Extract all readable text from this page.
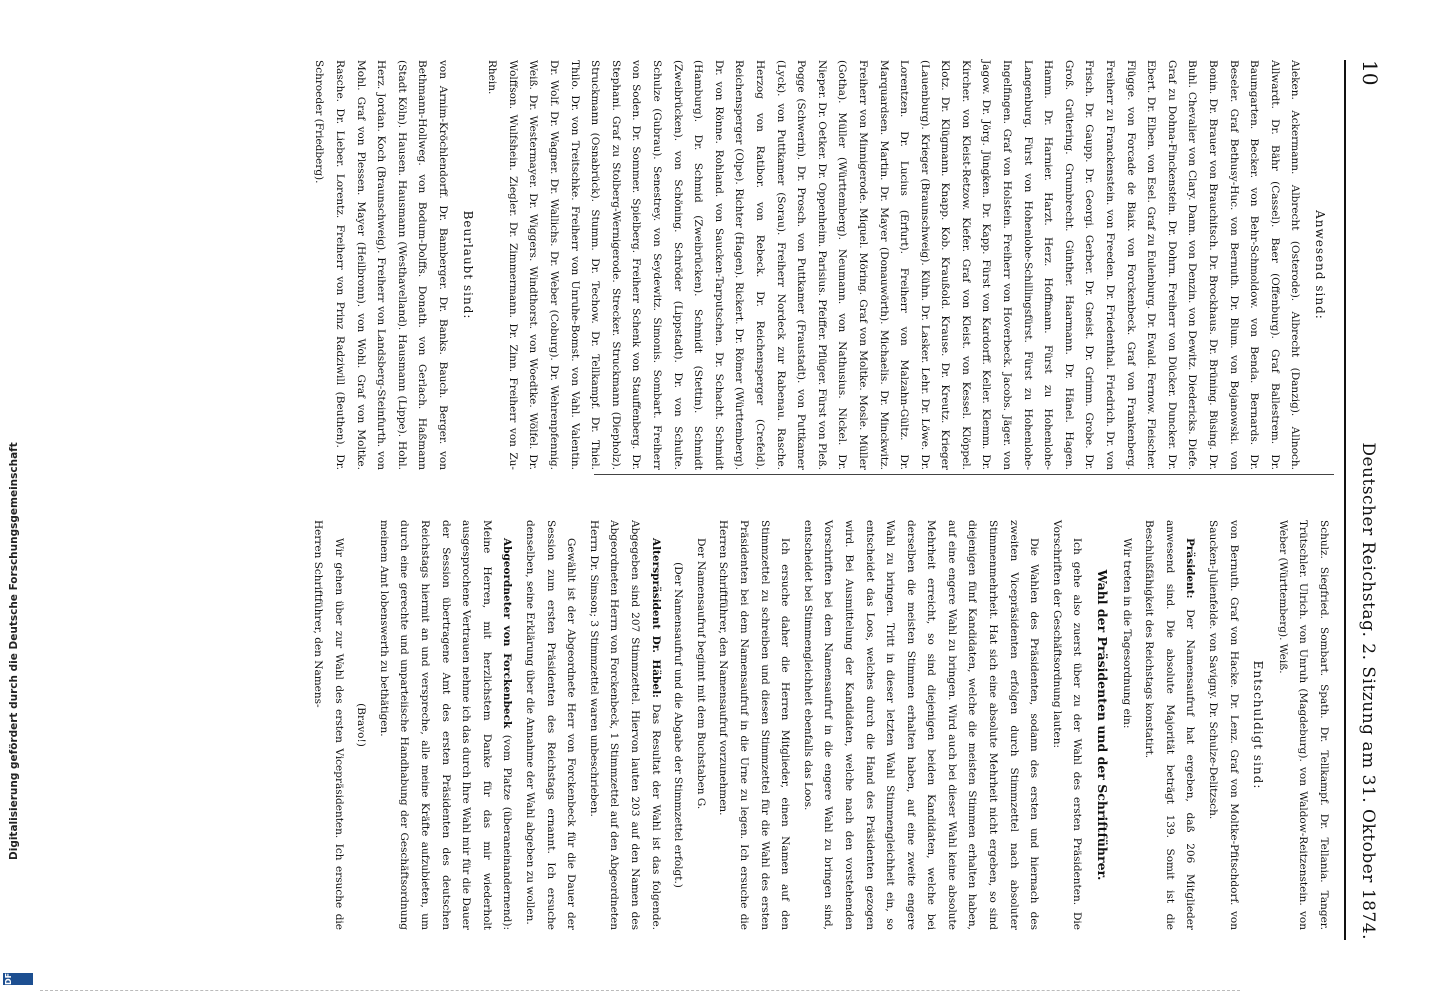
10
Deutscher Reichstag. 2. Sitzung am 31. Oktober 1874.

Anwesend sind:

Aleken. Ackermann. Albrecht (Osterode). Albrecht (Danzig). Allnoch. Allwardt. Dr. Bähr (Cassel). Baer (Offenburg). Graf Ballestrem. Dr. Baumgarten. Becker. von Behr-Schmoldow. von Benda. Bernards. Dr. Beseler. Graf Bethusy-Huc. von Bernuth. Dr. Blum. von Bojanowski. von Bonin. Dr. Brauer von Brauchitsch. Dr. Brockhaus. Dr. Brüning. Büsing. Dr. Buhl. Chevalier von Clary. Dann. von Denzin. von Dewitz. Diedericks. Diefe. Graf zu Dohna-Finckenstein. Dr. Dohrn. Freiherr von Dücker. Duncker. Dr. Ebert. Dr. Elben. von Esel. Graf zu Eulenburg. Dr. Ewald. Fernow. Fleischer. Flügge. von Forcade de Biaix. von Forckenbeck. Graf von Frankenberg. Freiherr zu Franckenstein. von Freeden. Dr. Friedenthal. Friedrich. Dr. von Frisch. Dr. Gaupp. Dr. Georgi. Gerber. Dr. Gneist. Dr. Grimm. Grobe. Dr. Groß. Grütering. Grumbrecht. Günther. Haarmann. Dr. Hänel. Hagen. Hamm. Dr. Harnier. Harzt. Herz. Hoffmann. Fürst zu Hohenlohe-Langenburg. Fürst von Hohenlohe-Schillingsfürst. Fürst zu Hohenlohe-Ingelfingen. Graf von Holstein. Freiherr von Hoverbeck. Jacobs. Jäger. von Jagow. Dr. Jörg. Jüngken. Dr. Kapp. Fürst von Kardorff. Keller. Klemm. Dr. Kircher. von Kleist-Retzow. Kiefer. Graf von Kleist. von Kessel. Klöppel. Klotz. Dr. Klügmann. Knapp. Kob. Kraußold. Krause. Dr. Kreutz. Krieger (Lauenburg). Krieger (Braunschweig). Kühn. Dr. Lasker. Lehr. Dr. Löwe. Dr. Lorentzen. Dr. Lucius (Erfurt). Freiherr von Malzahn-Gültz. Dr. Marquardsen. Martin. Dr. Mayer (Donauwörth). Michaelis. Dr. Minckwitz. Freiherr von Minnigerode. Miquel. Möring. Graf von Moltke. Mosle. Müller (Gotha). Müller (Württemberg). Neumann. von Nathusius. Nickel. Dr. Nieper. Dr. Oetker. Dr. Oppenheim. Parisius. Pfeiffer. Pflüger. Fürst von Pleß. Pogge (Schwerin). Dr. Prosch. von Puttkamer (Fraustadt). von Puttkamer (Lyck). von Puttkamer (Sorau). Freiherr Nordeck zur Rabenau. Rasche. Herzog von Ratibor. von Rebeck. Dr. Reichensperger (Crefeld). Reichensperger (Olpe). Richter (Hagen). Rickert. Dr. Römer (Württemberg). Dr. von Rönne. Rohland. von Saucken-Tarputschen. Dr. Schacht. Schmidt (Hamburg). Dr. Schmid (Zweibrücken). Schmidt (Stettin). Schmidt (Zweibrücken). von Schöning. Schröder (Lippstadt). Dr. von Schulte. Schulze (Gubrau). Senestrey. von Seydewitz. Simonis. Sombart. Freiherr von Soden. Dr. Sommer. Spielberg. Freiherr Schenk von Stauffenberg. Dr. Stephani. Graf zu Stolberg-Wernigerode. Strecker. Struckmann (Diepholz). Struckmann (Osnabrück). Stumm. Dr. Techow. Dr. Tellkampf. Dr. Thiel. Thilo. Dr. von Treitschke. Freiherr von Unruhe-Bomst. von Vahl. Valentin. Dr. Wolf. Dr. Wagner. Dr. Wallichs. Dr. Weber (Coburg). Dr. Wehrenpfennig. Weiß. Dr. Westermayer. Dr. Wiggers. Windthorst. von Woedtke. Wölfel. Dr. Wolffson. Wulfshein. Ziegler. Dr. Zimmermann. Dr. Zinn. Freiherr von Zu-Rhein.

Beurlaubt sind:

von Arnim-Kröchlendorff. Dr. Bamberger. Dr. Banks. Bauch. Berger. von Bethmann-Hollweg. von Bodum-Dolffs. Donath. von Gerlach. Haßmann (Stadt Köln). Hausen. Hausmann (Westhavelland). Hausmann (Lippe). Hohl. Herz. Jordan. Koch (Braunschweig). Freiherr von Landsberg-Steinfurth. von Mohl. Graf von Plessen. Mayer (Heilbronn). von Wohl. Graf von Moltke. Rasche. Dr. Lieber. Lorentz. Freiherr von Prinz Radziwill (Beuthen). Dr. Schroeder (Friedberg).

Schulz. Siegfried. Sombart. Spath. Dr. Tellkampf. Dr. Tellania. Tanger. Trütschler. Ulrich. von Unruh (Magdeburg). von Waldow-Reitzenstein. von Weber (Württemberg). Weiß.

Entschuldigt sind:

von Bernuth. Graf von Hacke. Dr. Lenz. Graf von Moltke-Pfitschdorf. von Saucken-Julienfelde. von Savigny. Dr. Schulze-Delitzsch.

Präsident: Der Namensaufruf hat ergeben, daß 206 Mitglieder anwesend sind. Die absolute Majorität beträgt 139. Somit ist die Beschlußfähigkeit des Reichstags konstatirt.

Wir treten in die Tagesordnung ein:

Wahl der Präsidenten und der Schriftführer.

Ich gehe also zuerst über zu der Wahl des ersten Präsidenten. Die Vorschriften der Geschäftsordnung lauten:

Die Wahlen des Präsidenten, sodann des ersten und hiernach des zweiten Vicepräsidenten erfolgen durch Stimmzettel nach absoluter Stimmenmehrheit. Hat sich eine absolute Mehrheit nicht ergeben, so sind diejenigen fünf Kandidaten, welche die meisten Stimmen erhalten haben, auf eine engere Wahl zu bringen. Wird auch bei dieser Wahl keine absolute Mehrheit erreicht, so sind diejenigen beiden Kandidaten, welche bei derselben die meisten Stimmen erhalten haben, auf eine zweite engere Wahl zu bringen. Tritt in dieser letzten Wahl Stimmengleichheit ein, so entscheidet das Loos, welches durch die Hand des Präsidenten gezogen wird. Bei Ausmittelung der Kandidaten, welche nach den vorstehenden Vorschriften bei dem Namensaufruf in die engere Wahl zu bringen sind, entscheidet bei Stimmengleichheit ebenfalls das Loos.

Ich ersuche daher die Herren Mitglieder, einen Namen auf den Stimmzettel zu schreiben und diesen Stimmzettel für die Wahl des ersten Präsidenten bei dem Namensaufruf in die Urne zu legen. Ich ersuche die Herren Schriftführer, den Namensaufruf vorzunehmen.

Der Namensaufruf beginnt mit dem Buchstaben G.

(Der Namensaufruf und die Abgabe der Stimmzettel erfolgt.)

Alterspräsident Dr. Häbel: Das Resultat der Wahl ist das folgende. Abgegeben sind 207 Stimmzettel. Hiervon lauten 203 auf den Namen des Abgeordneten Herrn von Forckenbeck, 1 Stimmzettel auf den Abgeordneten Herrn Dr. Simson; 3 Stimmzettel waren unbeschrieben.

Gewählt ist der Abgeordnete Herr von Forckenbeck für die Dauer der Session zum ersten Präsidenten des Reichstags ernannt. Ich ersuche denselben, seine Erklärung über die Annahme der Wahl abgeben zu wollen.

Abgeordneter von Forckenbeck (vom Platze (überaneinandernend): Meine Herren, mit herzlichstem Danke für das mir wiederholt ausgesprochene Vertrauen nehme ich das durch Ihre Wahl mir für die Dauer der Session übertragene Amt des ersten Präsidenten des deutschen Reichstags hiermit an und verspreche, alle meine Kräfte aufzubieten, um durch eine gerechte und unparteiische Handhabung der Geschäftsordnung meinem Amt lobenswerth zu bethätigen.

(Bravo!)

Wir gehen über zur Wahl des ersten Vicepräsidenten. Ich ersuche die Herren Schriftführer, den Namens-

Digitalisierung gefördert durch die Deutsche Forschungsgemeinschaft
DFG
